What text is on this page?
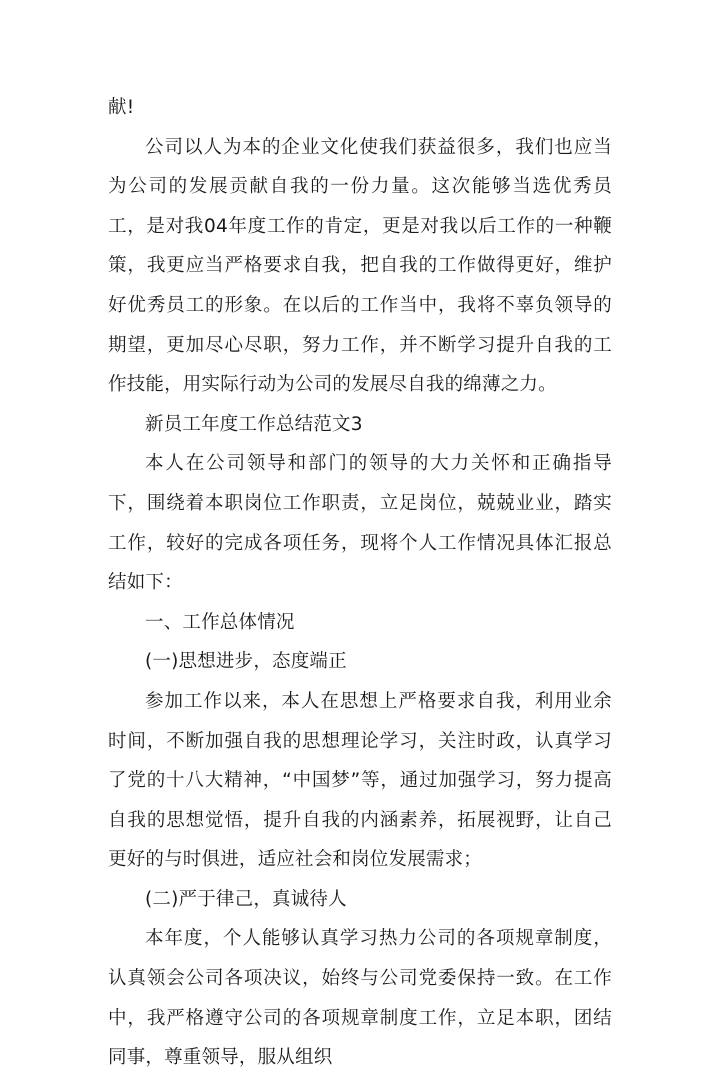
献!

公司以人为本的企业文化使我们获益很多，我们也应当为公司的发展贡献自我的一份力量。这次能够当选优秀员工，是对我04年度工作的肯定，更是对我以后工作的一种鞭策，我更应当严格要求自我，把自我的工作做得更好，维护好优秀员工的形象。在以后的工作当中，我将不辜负领导的期望，更加尽心尽职，努力工作，并不断学习提升自我的工作技能，用实际行动为公司的发展尽自我的绵薄之力。

新员工年度工作总结范文3

本人在公司领导和部门的领导的大力关怀和正确指导下，围绕着本职岗位工作职责，立足岗位，兢兢业业，踏实工作，较好的完成各项任务，现将个人工作情况具体汇报总结如下：

一、工作总体情况

(一)思想进步，态度端正

参加工作以来，本人在思想上严格要求自我，利用业余时间，不断加强自我的思想理论学习，关注时政，认真学习了党的十八大精神，“中国梦”等，通过加强学习，努力提高自我的思想觉悟，提升自我的内涵素养，拓展视野，让自己更好的与时俱进，适应社会和岗位发展需求；

(二)严于律己，真诚待人

本年度，个人能够认真学习热力公司的各项规章制度，认真领会公司各项决议，始终与公司党委保持一致。在工作中，我严格遵守公司的各项规章制度工作，立足本职，团结同事，尊重领导，服从组织
